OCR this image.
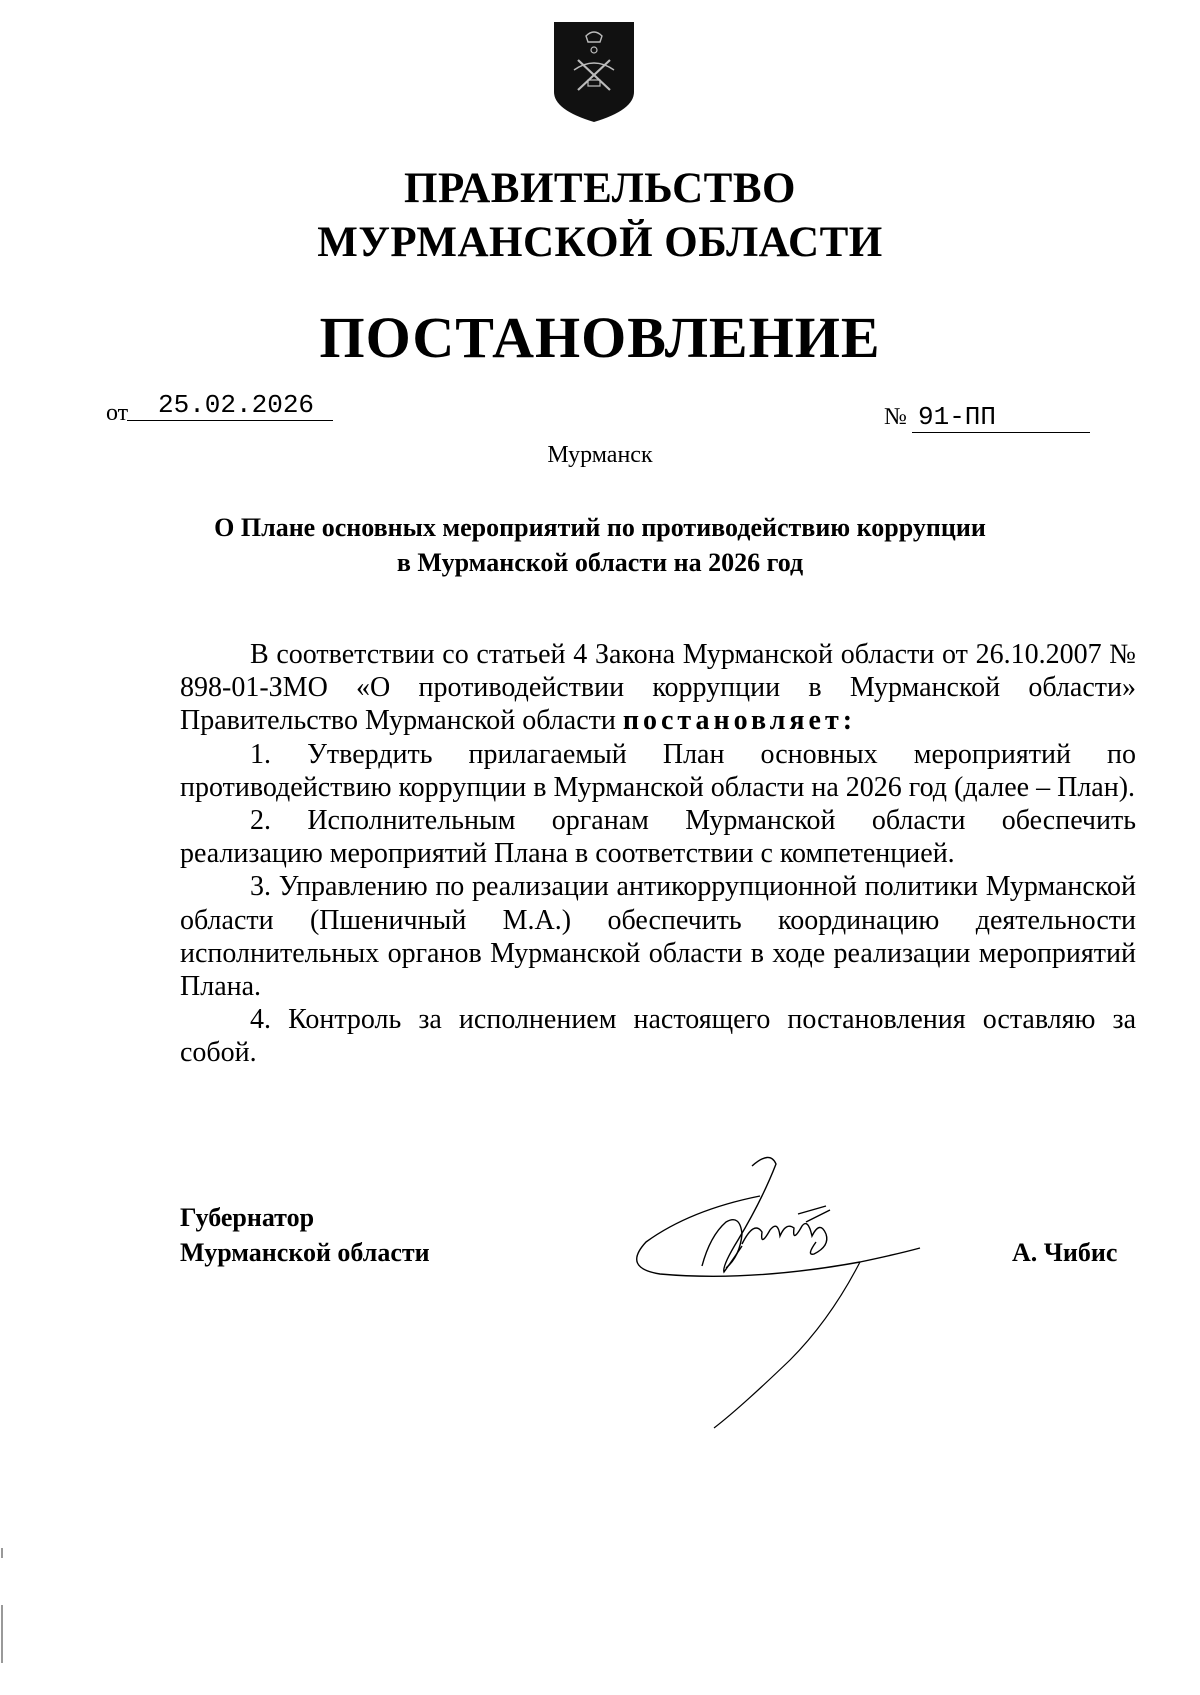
ПРАВИТЕЛЬСТВО
МУРМАНСКОЙ ОБЛАСТИ
ПОСТАНОВЛЕНИЕ
от 25.02.2026	№ 91-ПП
Мурманск
О Плане основных мероприятий по противодействию коррупции
в Мурманской области на 2026 год

В соответствии со статьей 4 Закона Мурманской области от 26.10.2007 № 898-01-ЗМО «О противодействии коррупции в Мурманской области» Правительство Мурманской области постановляет:

1. Утвердить прилагаемый План основных мероприятий по противодействию коррупции в Мурманской области на 2026 год (далее – План).

2. Исполнительным органам Мурманской области обеспечить реализацию мероприятий Плана в соответствии с компетенцией.

3. Управлению по реализации антикоррупционной политики Мурманской области (Пшеничный М.А.) обеспечить координацию деятельности исполнительных органов Мурманской области в ходе реализации мероприятий Плана.

4. Контроль за исполнением настоящего постановления оставляю за собой.

Губернатор
Мурманской области	А. Чибис
